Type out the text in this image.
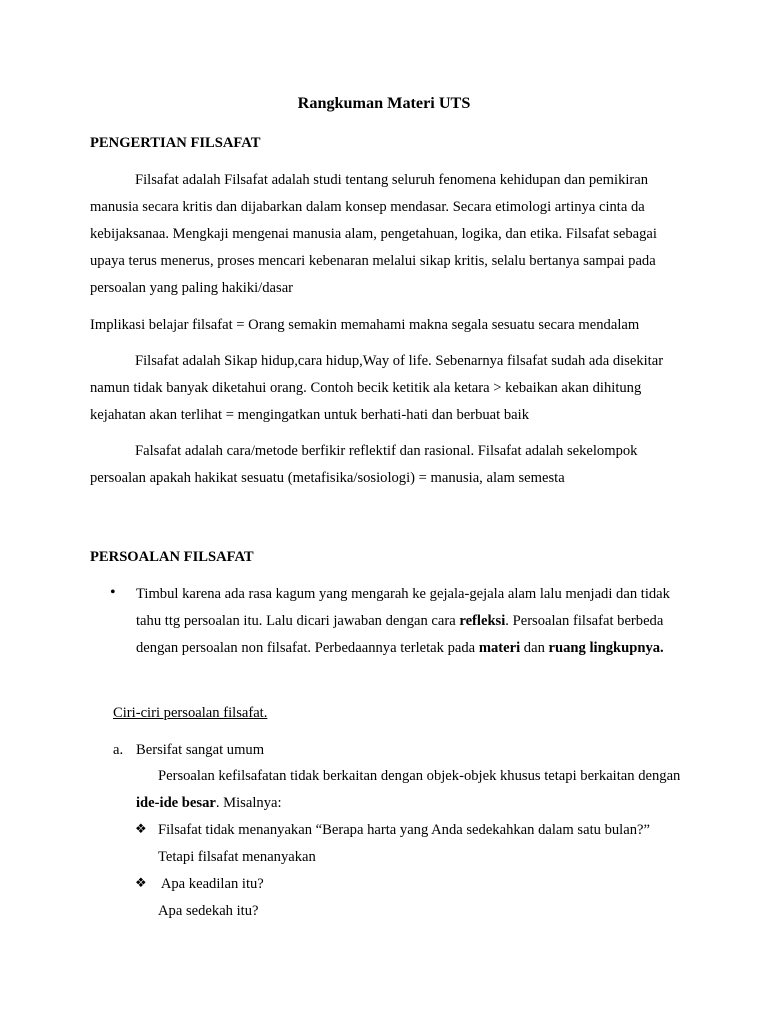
Rangkuman Materi UTS
PENGERTIAN FILSAFAT

Filsafat adalah Filsafat adalah studi tentang seluruh fenomena kehidupan dan pemikiran manusia secara kritis dan dijabarkan dalam konsep mendasar. Secara etimologi artinya cinta da kebijaksanaa. Mengkaji mengenai manusia alam, pengetahuan, logika, dan etika. Filsafat sebagai upaya terus menerus, proses mencari kebenaran melalui sikap kritis, selalu bertanya sampai pada persoalan yang paling hakiki/dasar

Implikasi belajar filsafat = Orang semakin memahami makna segala sesuatu secara mendalam

Filsafat adalah Sikap hidup,cara hidup,Way of life. Sebenarnya filsafat sudah ada disekitar namun tidak banyak diketahui orang. Contoh becik ketitik ala ketara > kebaikan akan dihitung kejahatan akan terlihat = mengingatkan untuk berhati-hati dan berbuat baik

Falsafat adalah cara/metode berfikir reflektif dan rasional. Filsafat adalah sekelompok persoalan apakah hakikat sesuatu (metafisika/sosiologi) = manusia, alam semesta

PERSOALAN FILSAFAT
• Timbul karena ada rasa kagum yang mengarah ke gejala-gejala alam lalu menjadi dan tidak tahu ttg persoalan itu. Lalu dicari jawaban dengan cara refleksi. Persoalan filsafat berbeda dengan persoalan non filsafat. Perbedaannya terletak pada materi dan ruang lingkupnya.
Ciri-ciri persoalan filsafat.
a. Bersifat sangat umum
Persoalan kefilsafatan tidak berkaitan dengan objek-objek khusus tetapi berkaitan dengan ide-ide besar. Misalnya:
❖ Filsafat tidak menanyakan “Berapa harta yang Anda sedekahkan dalam satu bulan?”
Tetapi filsafat menanyakan
❖ Apa keadilan itu?
Apa sedekah itu?
